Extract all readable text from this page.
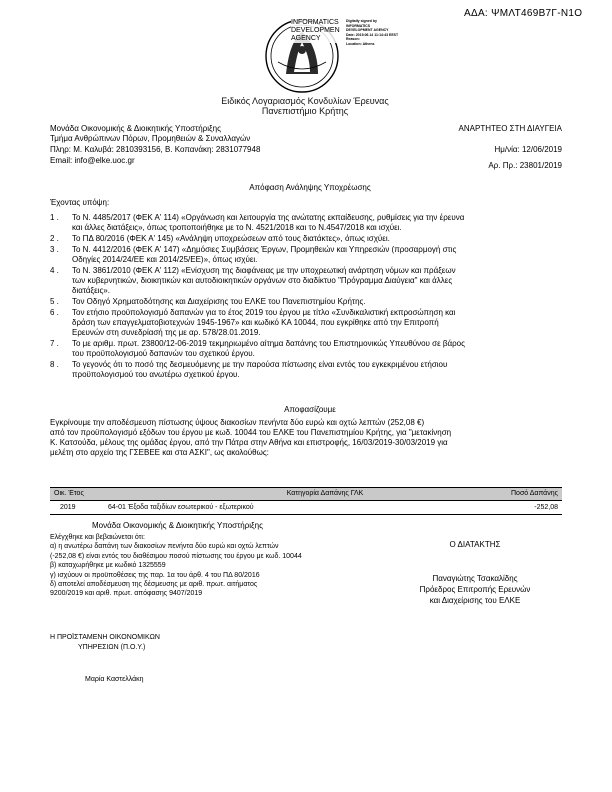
ΑΔΑ: ΨΜΛΤ469Β7Γ-Ν1Ο
INFORMATICS
DEVELOPMEN
AGENCY
Digitally signed by
INFORMATICS
DEVELOPMENT AGENCY
Date: 2019.06.14 11:14:43 EEST
Reason:
Location: Athens
Ειδικός Λογαριασμός Κονδυλίων Έρευνας
Πανεπιστήμιο Κρήτης
Μονάδα Οικονομικής & Διοικητικής Υποστήριξης
Τμήμα Ανθρώπινων Πόρων, Προμηθειών & Συναλλαγών
Πληρ: Μ. Καλυβά: 2810393156, Β. Κοπανάκη: 2831077948
Email: info@elke.uoc.gr
ΑΝΑΡΤΗΤΕΟ ΣΤΗ ΔΙΑΥΓΕΙΑ
Ημ/νία: 12/06/2019
Αρ. Πρ.: 23801/2019
Απόφαση Ανάληψης Υποχρέωσης
Έχοντας υπόψη:
1 . Το Ν. 4485/2017 (ΦΕΚ Α' 114) «Οργάνωση και λειτουργία της ανώτατης εκπαίδευσης, ρυθμίσεις για την έρευνα
και άλλες διατάξεις», όπως τροποποιήθηκε με το Ν. 4521/2018 και το Ν.4547/2018 και ισχύει.
2 . Το ΠΔ 80/2016 (ΦΕΚ Α' 145) «Ανάληψη υποχρεώσεων από τους διατάκτες», όπως ισχύει.
3 . Το Ν. 4412/2016 (ΦΕΚ Α' 147) «Δημόσιες Συμβάσεις Έργων, Προμηθειών και Υπηρεσιών (προσαρμογή στις
Οδηγίες 2014/24/ΕΕ και 2014/25/ΕΕ)», όπως ισχύει.
4 . Το Ν. 3861/2010 (ΦΕΚ Α' 112) «Ενίσχυση της διαφάνειας με την υποχρεωτική ανάρτηση νόμων και πράξεων
των κυβερνητικών, διοικητικών και αυτοδιοικητικών οργάνων στο διαδίκτυο "Πρόγραμμα Διαύγεια" και άλλες
διατάξεις».
5 . Τον Οδηγό Χρηματοδότησης και Διαχείρισης του ΕΛΚΕ του Πανεπιστημίου Κρήτης.
6 . Τον ετήσιο προϋπολογισμό δαπανών για το έτος 2019 του έργου με τίτλο «Συνδικαλιστική εκπροσώπηση και
δράση των επαγγελματοβιοτεχνών 1945-1967» και κωδικό ΚΑ 10044, που εγκρίθηκε από την Επιτροπή
Ερευνών στη συνεδρίασή της με αρ. 578/28.01.2019.
7 . Το με αριθμ. πρωτ. 23800/12-06-2019 τεκμηριωμένο αίτημα δαπάνης του Επιστημονικώς Υπευθύνου σε βάρος
του προϋπολογισμού δαπανών του σχετικού έργου.
8 . Το γεγονός ότι το ποσό της δεσμευόμενης με την παρούσα πίστωσης είναι εντός του εγκεκριμένου ετήσιου
προϋπολογισμού του ανωτέρω σχετικού έργου.
Αποφασίζουμε
Εγκρίνουμε την αποδέσμευση πίστωσης ύψους διακοσίων πενήντα δύο ευρώ και οχτώ λεπτών (252,08 €)
από τον προϋπολογισμό εξόδων του έργου με κωδ. 10044 του ΕΛΚΕ του Πανεπιστημίου Κρήτης, για "μετακίνηση
Κ. Κατσούδα, μέλους της ομάδας έργου, από την Πάτρα στην Αθήνα και επιστροφής, 16/03/2019-30/03/2019 για
μελέτη στο αρχείο της ΓΣΕΒΕΕ και στα ΑΣΚΙ", ως ακολούθως:
Οικ. Έτος	Κατηγορία Δαπάνης ΓΛΚ	Ποσό Δαπάνης
2019	64-01 Έξοδα ταξιδίων εσωτερικού - εξωτερικού	-252,08
Μονάδα Οικονομικής & Διοικητικής Υποστήριξης
Ελέγχθηκε και βεβαιώνεται ότι:
α) η ανωτέρω δαπάνη των διακοσίων πενήντα δύο ευρώ και οχτώ λεπτών
(-252,08 €) είναι εντός του διαθέσιμου ποσού πίστωσης του έργου με κωδ. 10044
β) καταχωρήθηκε με κωδικό 1325559
γ) ισχύουν οι προϋποθέσεις της παρ. 1α του άρθ. 4 του ΠΔ 80/2016
δ) αποτελεί αποδέσμευση της δέσμευσης με αριθ. πρωτ. αιτήματος
9200/2019 και αριθ. πρωτ. απόφασης 9407/2019
Ο ΔΙΑΤΑΚΤΗΣ
Παναγιώτης Τσακαλίδης
Πρόεδρος Επιτροπής Ερευνών
και Διαχείρισης του ΕΛΚΕ
Η ΠΡΟΪΣΤΑΜΕΝΗ ΟΙΚΟΝΟΜΙΚΩΝ
ΥΠΗΡΕΣΙΩΝ (Π.Ο.Υ.)
Μαρία Καστελλάκη
